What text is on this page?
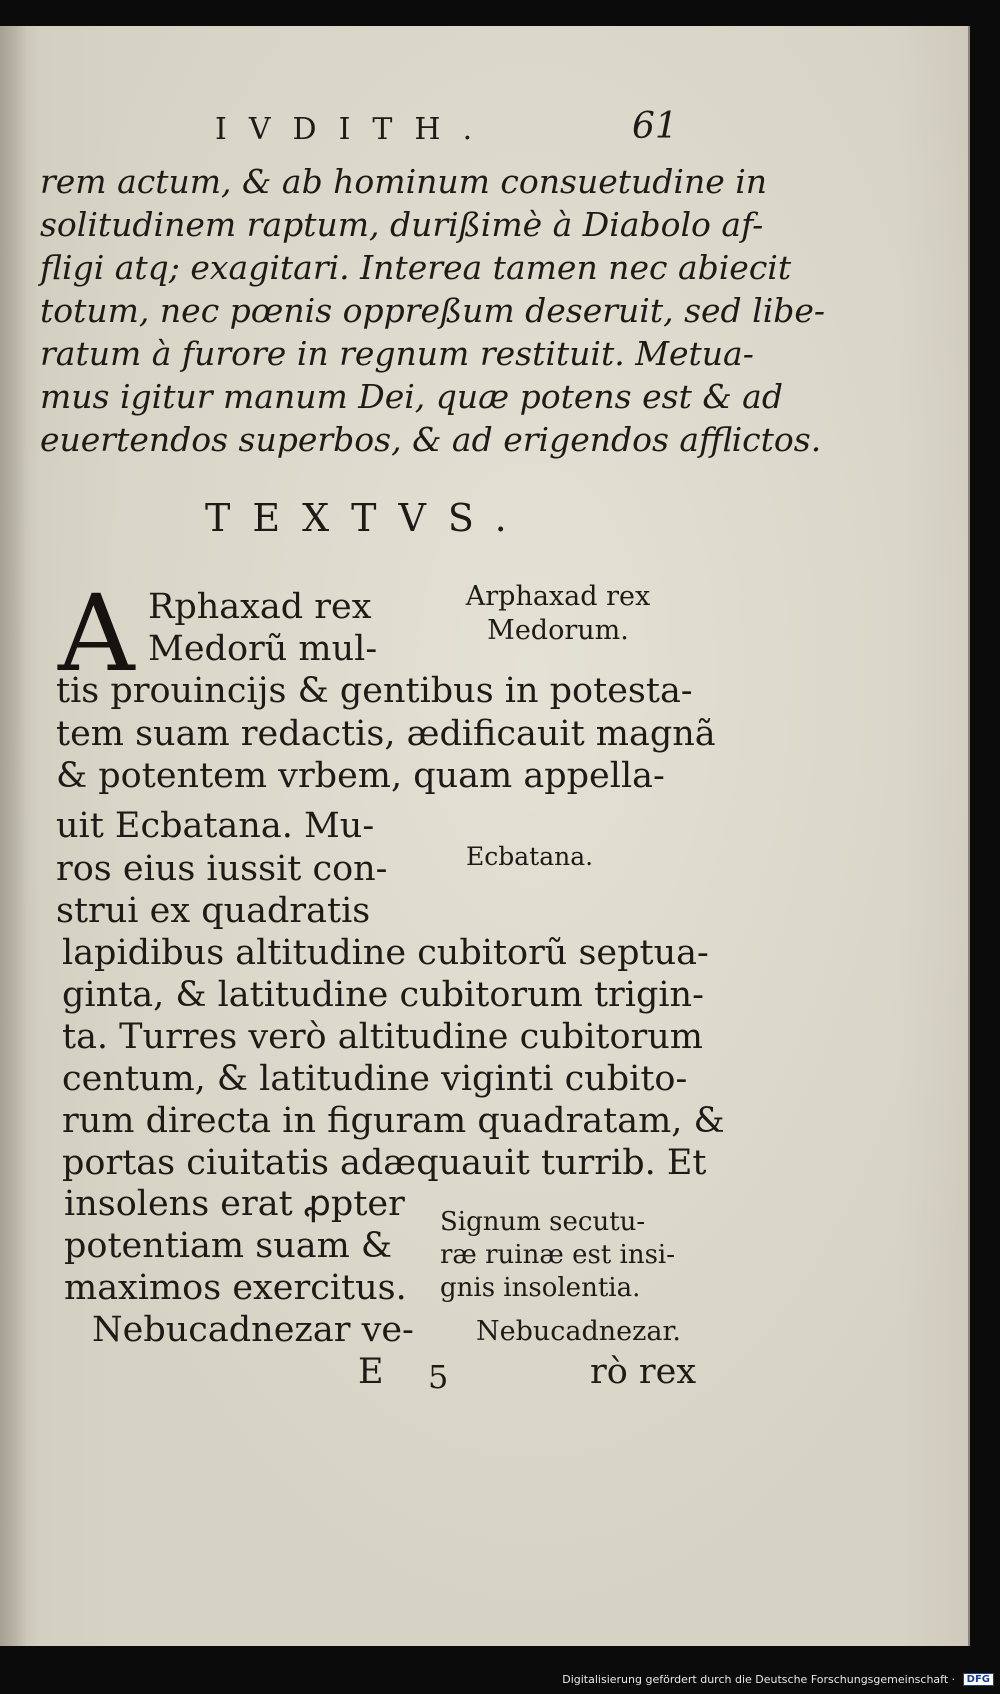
IVDITH.	61
rem actum, & ab hominum consuetudine in
solitudinem raptum, durißimè à Diabolo af-
fligi atq; exagitari. Interea tamen nec abiecit
totum, nec pœnis oppreßum deseruit, sed libe-
ratum à furore in regnum restituit. Metua-
mus igitur manum Dei, quæ potens est & ad
euertendos superbos, & ad erigendos afflictos.
TEXTVS.
A Rphaxad rex
Medorũ mul-
tis prouincijs & gentibus in potesta-
tem suam redactis, ædificauit magnã
& potentem vrbem, quam appella-
uit Ecbatana. Mu-
ros eius iussit con-
strui ex quadratis
lapidibus altitudine cubitorũ septua-
ginta, & latitudine cubitorum trigin-
ta. Turres verò altitudine cubitorum
centum, & latitudine viginti cubito-
rum directa in figuram quadratam, &
portas ciuitatis adæquauit turrib. Et
insolens erat ꝓpter
potentiam suam &
maximos exercitus.
Nebucadnezar ve-
Arphaxad rex
Medorum.
Ecbatana.
Signum secutu-
ræ ruinæ est insi-
gnis insolentia.
Nebucadnezar.
E 5	rò rex
Digitalisierung gefördert durch die Deutsche Forschungsgemeinschaft · DFG
